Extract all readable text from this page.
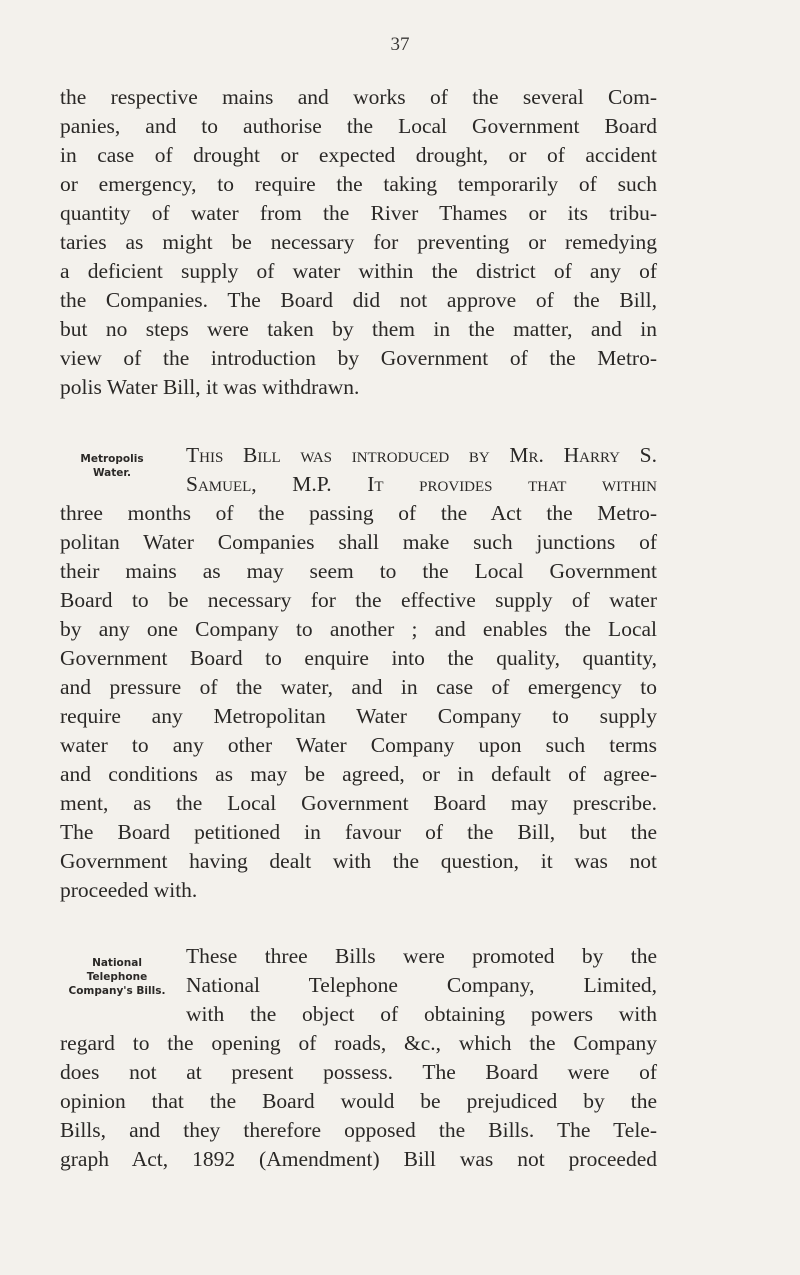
37
the respective mains and works of the several Com-
panies, and to authorise the Local Government Board
in case of drought or expected drought, or of accident
or emergency, to require the taking temporarily of such
quantity of water from the River Thames or its tribu-
taries as might be necessary for preventing or remedying
a deficient supply of water within the district of any of
the Companies. The Board did not approve of the Bill,
but no steps were taken by them in the matter, and in
view of the introduction by Government of the Metro-
polis Water Bill, it was withdrawn.
Metropolis
Water.
This Bill was introduced by Mr. Harry S.
Samuel, M.P. It provides that within
three months of the passing of the Act the Metro-
politan Water Companies shall make such junctions of
their mains as may seem to the Local Government
Board to be necessary for the effective supply of water
by any one Company to another ; and enables the Local
Government Board to enquire into the quality, quantity,
and pressure of the water, and in case of emergency to
require any Metropolitan Water Company to supply
water to any other Water Company upon such terms
and conditions as may be agreed, or in default of agree-
ment, as the Local Government Board may prescribe.
The Board petitioned in favour of the Bill, but the
Government having dealt with the question, it was not
proceeded with.
National
Telephone
Company's Bills.
These three Bills were promoted by the
National Telephone Company, Limited,
with the object of obtaining powers with
regard to the opening of roads, &c., which the Company
does not at present possess. The Board were of
opinion that the Board would be prejudiced by the
Bills, and they therefore opposed the Bills. The Tele-
graph Act, 1892 (Amendment) Bill was not proceeded
